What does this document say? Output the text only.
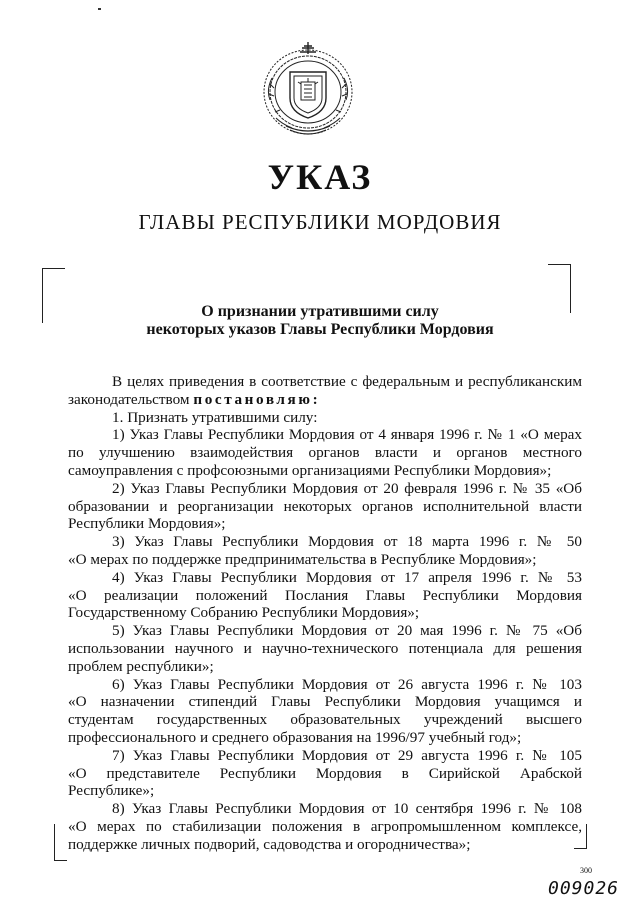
УКАЗ
ГЛАВЫ РЕСПУБЛИКИ МОРДОВИЯ
О признании утратившими силу
некоторых указов Главы Республики Мордовия
В целях приведения в соответствие с федеральным и республиканским
законодательством постановляю:
1. Признать утратившими силу:
1) Указ Главы Республики Мордовия от 4 января 1996 г. № 1 «О мерах
по улучшению взаимодействия органов власти и органов местного
самоуправления с профсоюзными организациями Республики Мордовия»;
2) Указ Главы Республики Мордовия от 20 февраля 1996 г. № 35 «Об
образовании и реорганизации некоторых органов исполнительной власти
Республики Мордовия»;
3) Указ Главы Республики Мордовия от 18 марта 1996 г. № 50
«О мерах по поддержке предпринимательства в Республике Мордовия»;
4) Указ Главы Республики Мордовия от 17 апреля 1996 г. № 53
«О реализации положений Послания Главы Республики Мордовия
Государственному Собранию Республики Мордовия»;
5) Указ Главы Республики Мордовия от 20 мая 1996 г. № 75 «Об
использовании научного и научно-технического потенциала для решения
проблем республики»;
6) Указ Главы Республики Мордовия от 26 августа 1996 г. № 103
«О назначении стипендий Главы Республики Мордовия учащимся и
студентам государственных образовательных учреждений высшего
профессионального и среднего образования на 1996/97 учебный год»;
7) Указ Главы Республики Мордовия от 29 августа 1996 г. № 105
«О представителе Республики Мордовия в Сирийской Арабской
Республике»;
8) Указ Главы Республики Мордовия от 10 сентября 1996 г. № 108
«О мерах по стабилизации положения в агропромышленном комплексе,
поддержке личных подворий, садоводства и огородничества»;
300
009026
